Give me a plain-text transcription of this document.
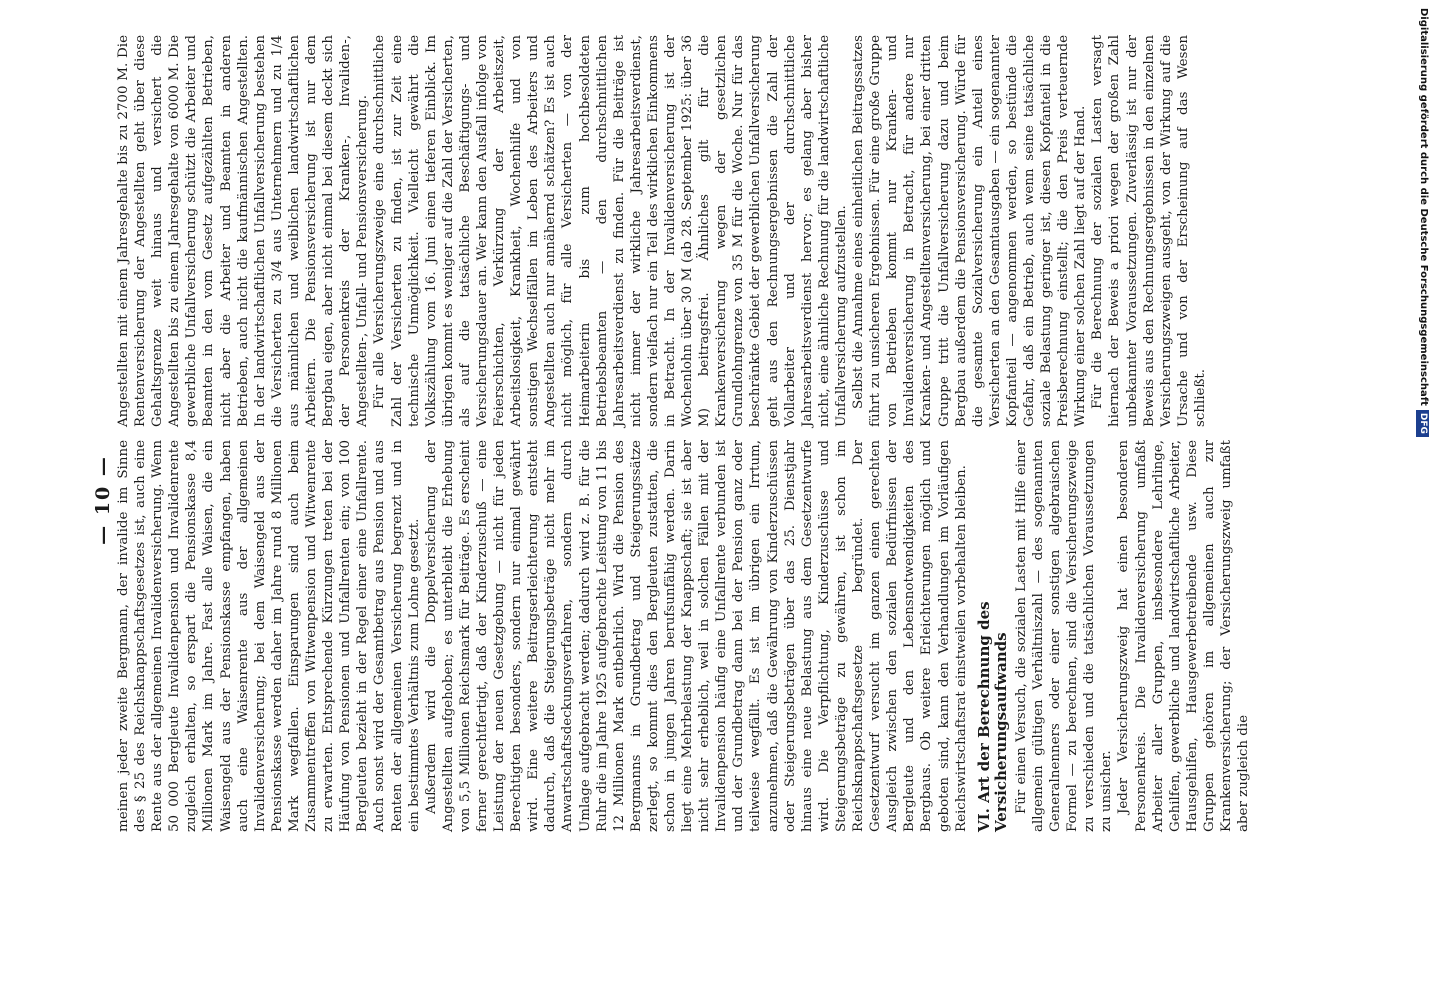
— 10 — meinen jeder zweite Bergmann, der invalide im Sinne des § 25 des Reichsknappschaftsgesetzes ist, auch eine Rente aus der allgemeinen Invalidenversicherung. Wenn 50 000 Bergleute Invalidenpension und Invalidenrente zugleich erhalten, so erspart die Pensionskasse 8,4 Millionen Mark im Jahre. Fast alle Waisen, die ein Waisengeld aus der Pensionskasse empfangen, haben auch eine Waisenrente aus der allgemeinen Invalidenversicherung; bei dem Waisengeld aus der Pensionskasse werden daher im Jahre rund 8 Millionen Mark wegfallen. Einsparungen sind auch beim Zusammentreffen von Witwenpension und Witwenrente zu erwarten. Entsprechende Kürzungen treten bei der Häufung von Pensionen und Unfallrenten ein; von 100 Bergleuten bezieht in der Regel einer eine Unfallrente. Auch sonst wird der Gesamtbetrag aus Pension und aus Renten der allgemeinen Versicherung begrenzt und in ein bestimmtes Verhältnis zum Lohne gesetzt. Außerdem wird die Doppelversicherung der Angestellten aufgehoben; es unterbleibt die Erhebung von 5,5 Millionen Reichsmark für Beiträge. Es erscheint ferner gerechtfertigt, daß der Kinderzuschuß — eine Leistung der neuen Gesetzgebung — nicht für jeden Berechtigten besonders, sondern nur einmal gewährt wird. Eine weitere Beitragserleichterung entsteht dadurch, daß die Steigerungsbeträge nicht mehr im Anwartschaftsdeckungsverfahren, sondern durch Umlage aufgebracht werden; dadurch wird z. B. für die Ruhr die im Jahre 1925 aufgebrachte Leistung von 11 bis 12 Millionen Mark entbehrlich. Wird die Pension des Bergmanns in Grundbetrag und Steigerungssätze zerlegt, so kommt dies den Bergleuten zustatten, die schon in jungen Jahren berufsunfähig werden. Darin liegt eine Mehrbelastung der Knappschaft; sie ist aber nicht sehr erheblich, weil in solchen Fällen mit der Invalidenpension häufig eine Unfallrente verbunden ist und der Grundbetrag dann bei der Pension ganz oder teilweise wegfällt. Es ist im übrigen ein Irrtum, anzunehmen, daß die Gewährung von Kinderzuschüssen oder Steigerungsbeträgen über das 25. Dienstjahr hinaus eine neue Belastung aus dem Gesetzentwurfe wird. Die Verpflichtung, Kinderzuschüsse und Steigerungsbeträge zu gewähren, ist schon im Reichsknappschaftsgesetze begründet. Der Gesetzentwurf versucht im ganzen einen gerechten Ausgleich zwischen den sozialen Bedürfnissen der Bergleute und den Lebensnotwendigkeiten des Bergbaus. Ob weitere Erleichterungen möglich und geboten sind, kann den Verhandlungen im Vorläufigen Reichswirtschaftsrat einstweilen vorbehalten bleiben. VI. Art der Berechnung des Versicherungsaufwands Für einen Versuch, die sozialen Lasten mit Hilfe einer allgemein gültigen Verhältniszahl — des sogenannten Generalnenners oder einer sonstigen algebraischen Formel — zu berechnen, sind die Versicherungszweige zu verschieden und die tatsächlichen Voraussetzungen zu unsicher. Jeder Versicherungszweig hat einen besonderen Personenkreis. Die Invalidenversicherung umfaßt Arbeiter aller Gruppen, insbesondere Lehrlinge, Gehilfen, gewerbliche und landwirtschaftliche Arbeiter, Hausgehilfen, Hausgewerbetreibende usw. Diese Gruppen gehören im allgemeinen auch zur Krankenversicherung; der Versicherungszweig umfaßt aber zugleich die

Angestellten mit einem Jahresgehalte bis zu 2700 M. Die Rentenversicherung der Angestellten geht über diese Gehaltsgrenze weit hinaus und versichert die Angestellten bis zu einem Jahresgehalte von 6000 M. Die gewerbliche Unfallversicherung schützt die Arbeiter und Beamten in den vom Gesetz aufgezählten Betrieben, nicht aber die Arbeiter und Beamten in anderen Betrieben, auch nicht die kaufmännischen Angestellten. In der landwirtschaftlichen Unfallversicherung bestehen die Versicherten zu 3/4 aus Unternehmern und zu 1/4 aus männlichen und weiblichen landwirtschaftlichen Arbeitern. Die Pensionsversicherung ist nur dem Bergbau eigen, aber nicht einmal bei diesem deckt sich der Personenkreis der Kranken-, Invaliden-, Angestellten-, Unfall- und Pensionsversicherung. Für alle Versicherungszweige eine durchschnittliche Zahl der Versicherten zu finden, ist zur Zeit eine technische Unmöglichkeit. Vielleicht gewährt die Volkszählung vom 16. Juni einen tieferen Einblick. Im übrigen kommt es weniger auf die Zahl der Versicherten, als auf die tatsächliche Beschäftigungs- und Versicherungsdauer an. Wer kann den Ausfall infolge von Feierschichten, Verkürzung der Arbeitszeit, Arbeitslosigkeit, Krankheit, Wochenhilfe und von sonstigen Wechselfällen im Leben des Arbeiters und Angestellten auch nur annähernd schätzen? Es ist auch nicht möglich, für alle Versicherten — von der Heimarbeiterin bis zum hochbesoldeten Betriebsbeamten — den durchschnittlichen Jahresarbeitsverdienst zu finden. Für die Beiträge ist nicht immer der wirkliche Jahresarbeitsverdienst, sondern vielfach nur ein Teil des wirklichen Einkommens in Betracht. In der Invalidenversicherung ist der Wochenlohn über 30 M (ab 28. September 1925: über 36 M) beitragsfrei. Ähnliches gilt für die Krankenversicherung wegen der gesetzlichen Grundlohngrenze von 35 M für die Woche. Nur für das beschränkte Gebiet der gewerblichen Unfallversicherung geht aus den Rechnungsergebnissen die Zahl der Vollarbeiter und der durchschnittliche Jahresarbeitsverdienst hervor; es gelang aber bisher nicht, eine ähnliche Rechnung für die landwirtschaftliche Unfallversicherung aufzustellen. Selbst die Annahme eines einheitlichen Beitragssatzes führt zu unsicheren Ergebnissen. Für eine große Gruppe von Betrieben kommt nur Kranken- und Invalidenversicherung in Betracht, für andere nur Kranken- und Angestelltenversicherung, bei einer dritten Gruppe tritt die Unfallversicherung dazu und beim Bergbau außerdem die Pensionsversicherung. Würde für die gesamte Sozialversicherung ein Anteil eines Versicherten an den Gesamtausgaben — ein sogenannter Kopfanteil — angenommen werden, so bestünde die Gefahr, daß ein Betrieb, auch wenn seine tatsächliche soziale Belastung geringer ist, diesen Kopfanteil in die Preisberechnung einstellt; die den Preis verteuernde Wirkung einer solchen Zahl liegt auf der Hand. Für die Berechnung der sozialen Lasten versagt hiernach der Beweis a priori wegen der großen Zahl unbekannter Voraussetzungen. Zuverlässig ist nur der Beweis aus den Rechnungsergebnissen in den einzelnen Versicherungszweigen ausgeht, von der Wirkung auf die Ursache und von der Erscheinung auf das Wesen schließt.	Digitalisierung gefördert durch die Deutsche Forschungsgemeinschaft
DFG
